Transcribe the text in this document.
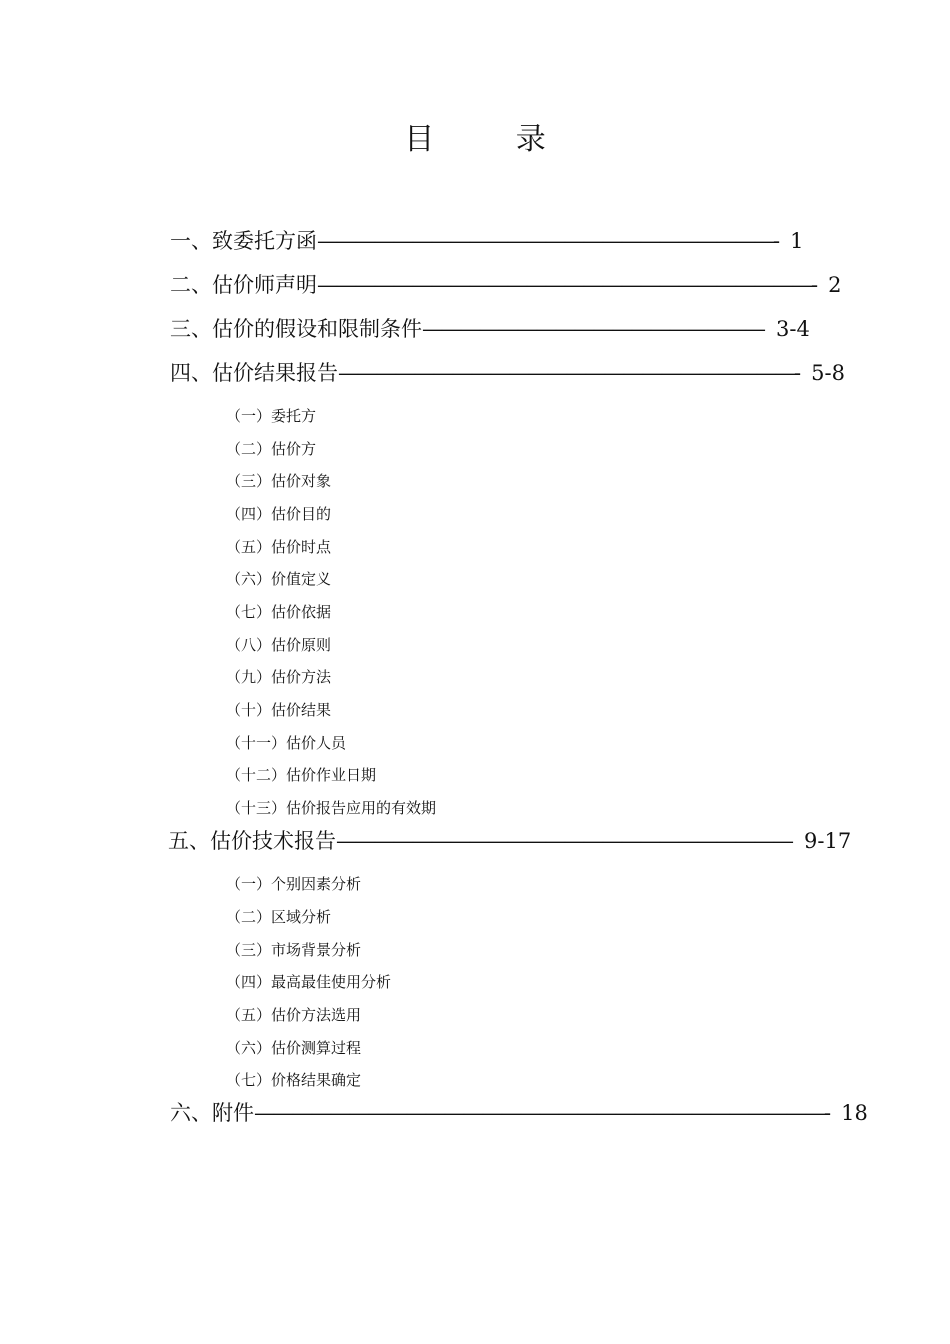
目 录
一、致委托方函————————————————————————- 1
二、估价师声明——————————————————————————- 2
三、估价的假设和限制条件—————————————————— 3-4
四、估价结果报告————————————————————————- 5-8
（一）委托方
（二）估价方
（三）估价对象
（四）估价目的
（五）估价时点
（六）价值定义
（七）估价依据
（八）估价原则
（九）估价方法
（十）估价结果
（十一）估价人员
（十二）估价作业日期
（十三）估价报告应用的有效期
五、估价技术报告———————————————————————— 9-17
（一）个别因素分析
（二）区域分析
（三）市场背景分析
（四）最高最佳使用分析
（五）估价方法选用
（六）估价测算过程
（七）价格结果确定
六、附件——————————————————————————————- 18
